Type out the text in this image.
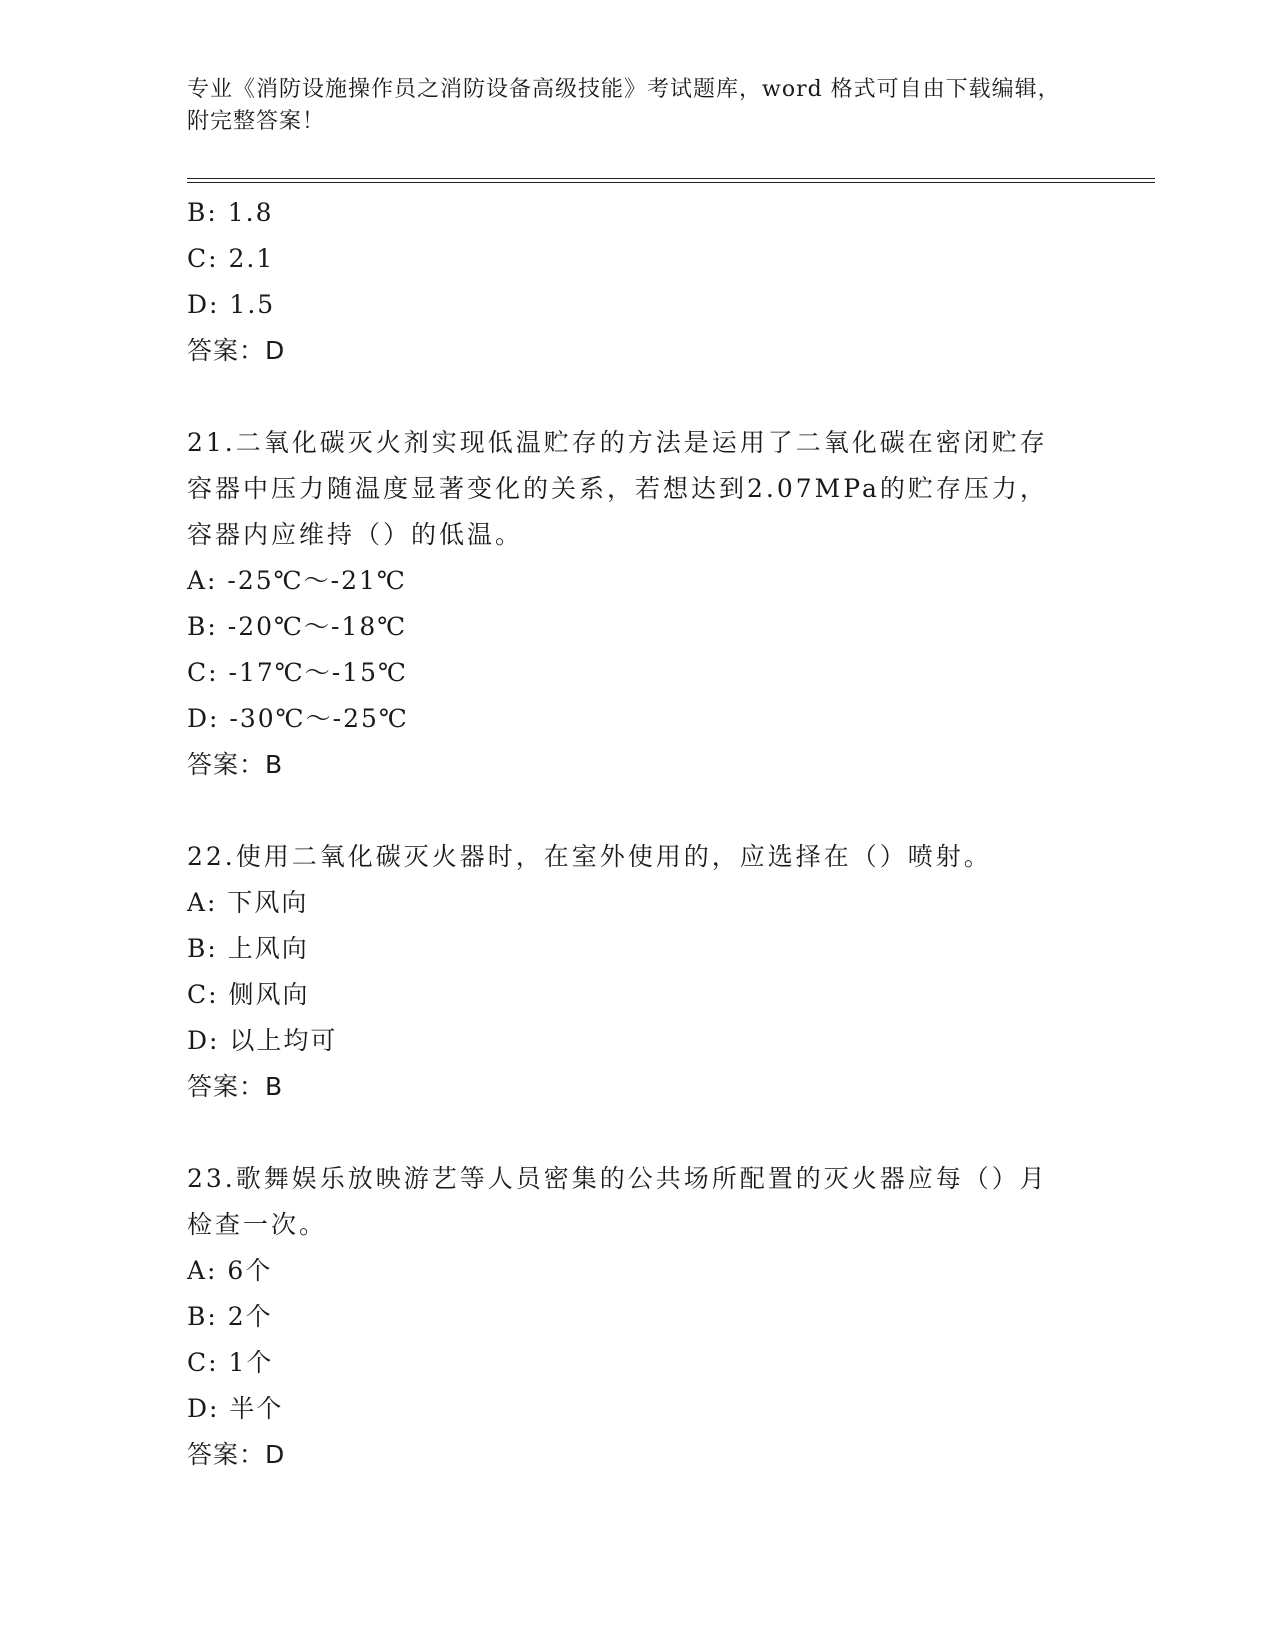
专业《消防设施操作员之消防设备高级技能》考试题库，word 格式可自由下载编辑，附完整答案！
B: 1.8
C: 2.1
D: 1.5
答案：D
21.二氧化碳灭火剂实现低温贮存的方法是运用了二氧化碳在密闭贮存容器中压力随温度显著变化的关系，若想达到2.07MPa的贮存压力，容器内应维持（）的低温。
A: -25℃～-21℃
B: -20℃～-18℃
C: -17℃～-15℃
D: -30℃～-25℃
答案：B
22.使用二氧化碳灭火器时，在室外使用的，应选择在（）喷射。
A: 下风向
B: 上风向
C: 侧风向
D: 以上均可
答案：B
23.歌舞娱乐放映游艺等人员密集的公共场所配置的灭火器应每（）月检查一次。
A: 6个
B: 2个
C: 1个
D: 半个
答案：D
